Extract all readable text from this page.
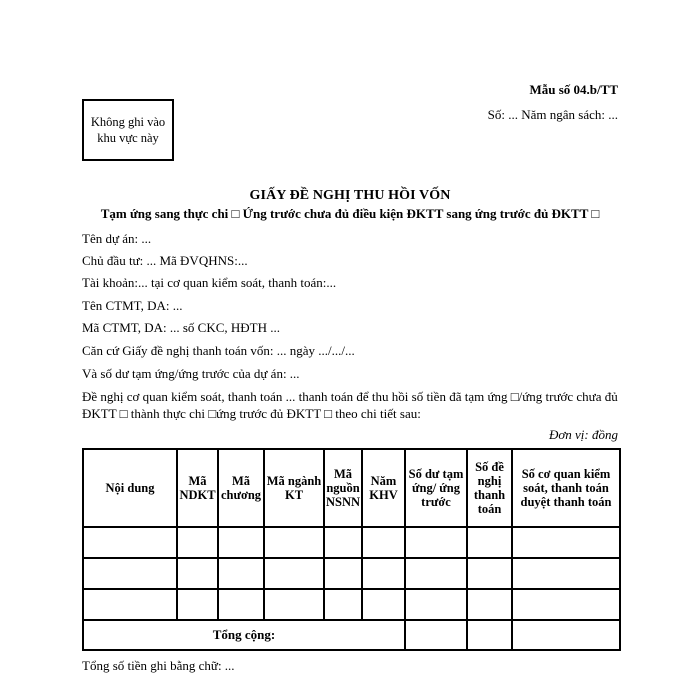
Mẫu số 04.b/TT
Số: ... Năm ngân sách: ...
Không ghi vào khu vực này
GIẤY ĐỀ NGHỊ THU HỒI VỐN
Tạm ứng sang thực chi □ Ứng trước chưa đủ điều kiện ĐKTT sang ứng trước đủ ĐKTT □
Tên dự án: ...
Chủ đầu tư: ... Mã ĐVQHNS:...
Tài khoản:... tại cơ quan kiểm soát, thanh toán:...
Tên CTMT, DA: ...
Mã CTMT, DA: ... số CKC, HĐTH ...
Căn cứ Giấy đề nghị thanh toán vốn: ... ngày .../.../...
Và số dư tạm ứng/ứng trước của dự án: ...
Đề nghị cơ quan kiểm soát, thanh toán ... thanh toán để thu hồi số tiền đã tạm ứng □/ứng trước chưa đủ ĐKTT □ thành thực chi □ứng trước đủ ĐKTT □ theo chi tiết sau:
Đơn vị: đồng
Nội dung	Mã NDKT	Mã chương	Mã ngành KT	Mã nguồn NSNN	Năm KHV	Số dư tạm ứng/ ứng trước	Số đề nghị thanh toán	Số cơ quan kiểm soát, thanh toán duyệt thanh toán

Tổng cộng:								
Tổng số tiền ghi bằng chữ: ...
